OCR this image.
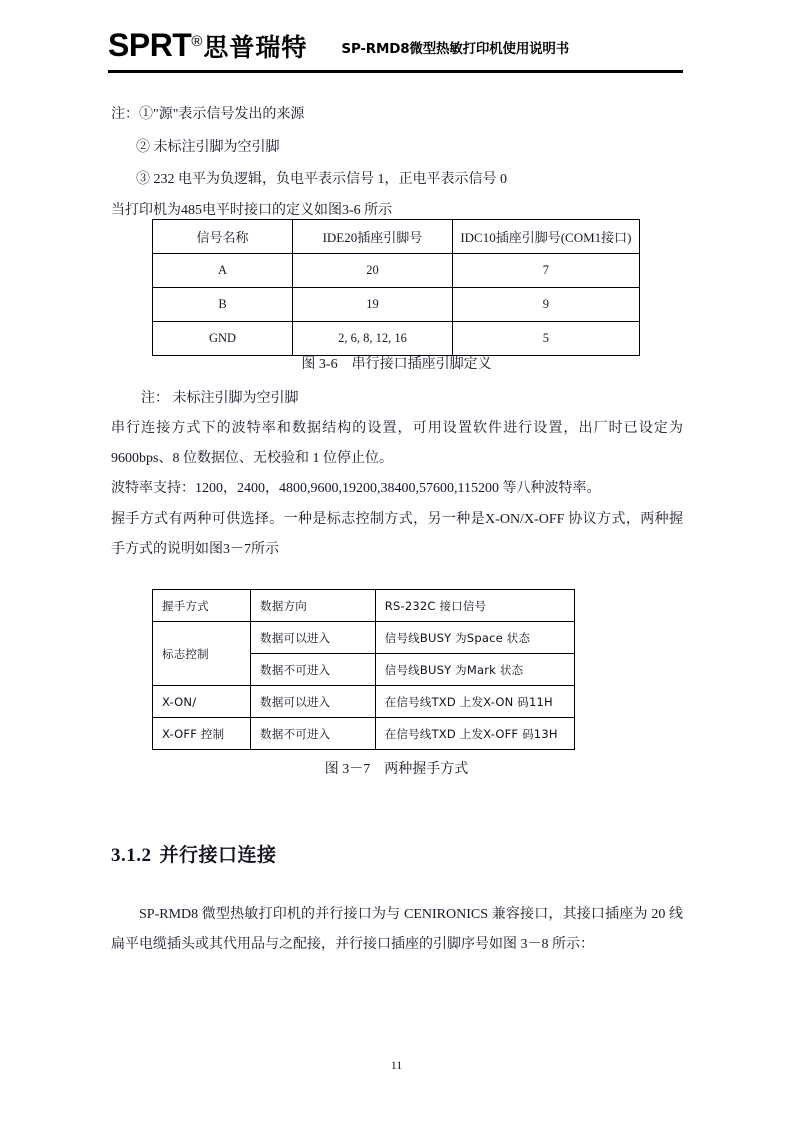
SPRT ® 思普瑞特	SP-RMD8微型热敏打印机使用说明书
注：①"源"表示信号发出的来源
② 未标注引脚为空引脚
③ 232 电平为负逻辑，负电平表示信号 1，正电平表示信号 0
当打印机为485电平时接口的定义如图3-6 所示
信号名称	IDE20插座引脚号	IDC10插座引脚号(COM1接口)
A	20	7
B	19	9
GND	2, 6, 8, 12, 16	5
图 3-6 串行接口插座引脚定义
注： 未标注引脚为空引脚
串行连接方式下的波特率和数据结构的设置，可用设置软件进行设置，出厂时已设定为9600bps、8 位数据位、无校验和 1 位停止位。
波特率支持：1200，2400，4800,9600,19200,38400,57600,115200 等八种波特率。
握手方式有两种可供选择。一种是标志控制方式，另一种是X-ON/X-OFF 协议方式，两种握手方式的说明如图3－7所示
握手方式	数据方向	RS-232C 接口信号
标志控制	数据可以进入	信号线BUSY 为Space 状态
	数据不可进入	信号线BUSY 为Mark 状态
X-ON/	数据可以进入	在信号线TXD 上发X-ON 码11H
X-OFF 控制	数据不可进入	在信号线TXD 上发X-OFF 码13H
图 3－7 两种握手方式
3.1.2 并行接口连接
SP-RMD8 微型热敏打印机的并行接口为与 CENIRONICS 兼容接口，其接口插座为 20 线扁平电缆插头或其代用品与之配接，并行接口插座的引脚序号如图 3－8 所示：
11
